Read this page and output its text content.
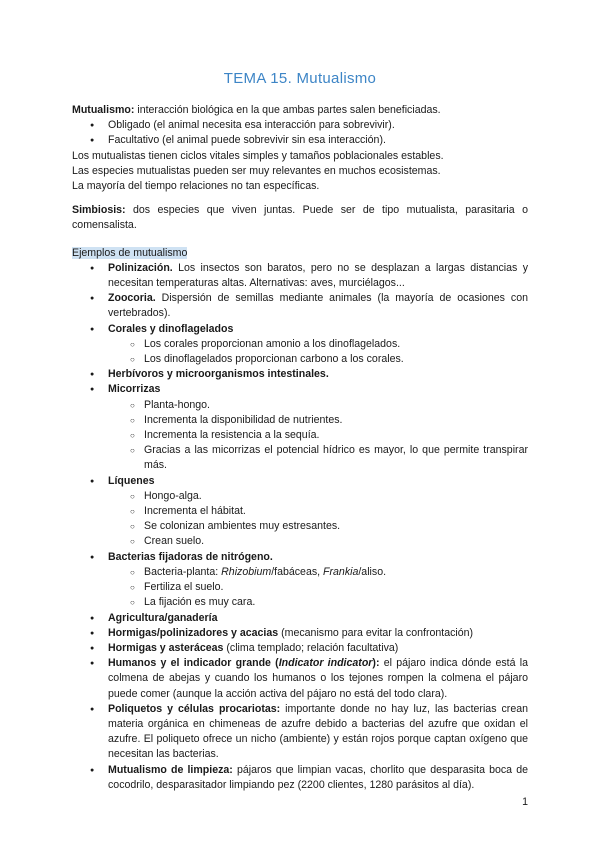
TEMA 15. Mutualismo

Mutualismo: interacción biológica en la que ambas partes salen beneficiadas.

● Obligado (el animal necesita esa interacción para sobrevivir).
● Facultativo (el animal puede sobrevivir sin esa interacción).

Los mutualistas tienen ciclos vitales simples y tamaños poblacionales estables.

Las especies mutualistas pueden ser muy relevantes en muchos ecosistemas.

La mayoría del tiempo relaciones no tan específicas.

Simbiosis: dos especies que viven juntas. Puede ser de tipo mutualista, parasitaria o comensalista.

Ejemplos de mutualismo

● Polinización. Los insectos son baratos, pero no se desplazan a largas distancias y necesitan temperaturas altas. Alternativas: aves, murciélagos...
● Zoocoria. Dispersión de semillas mediante animales (la mayoría de ocasiones con vertebrados).
● Corales y dinoflagelados
○ Los corales proporcionan amonio a los dinoflagelados.
○ Los dinoflagelados proporcionan carbono a los corales.
● Herbívoros y microorganismos intestinales.
● Micorrizas
○ Planta-hongo.
○ Incrementa la disponibilidad de nutrientes.
○ Incrementa la resistencia a la sequía.
○ Gracias a las micorrizas el potencial hídrico es mayor, lo que permite transpirar más.
● Líquenes
○ Hongo-alga.
○ Incrementa el hábitat.
○ Se colonizan ambientes muy estresantes.
○ Crean suelo.
● Bacterias fijadoras de nitrógeno.
○ Bacteria-planta: Rhizobium/fabáceas, Frankia/aliso.
○ Fertiliza el suelo.
○ La fijación es muy cara.
● Agricultura/ganadería
● Hormigas/polinizadores y acacias (mecanismo para evitar la confrontación)
● Hormigas y asteráceas (clima templado; relación facultativa)
● Humanos y el indicador grande (Indicator indicator): el pájaro indica dónde está la colmena de abejas y cuando los humanos o los tejones rompen la colmena el pájaro puede comer (aunque la acción activa del pájaro no está del todo clara).
● Poliquetos y células procariotas: importante donde no hay luz, las bacterias crean materia orgánica en chimeneas de azufre debido a bacterias del azufre que oxidan el azufre. El poliqueto ofrece un nicho (ambiente) y están rojos porque captan oxígeno que necesitan las bacterias.
● Mutualismo de limpieza: pájaros que limpian vacas, chorlito que desparasita boca de cocodrilo, desparasitador limpiando pez (2200 clientes, 1280 parásitos al día).
1
